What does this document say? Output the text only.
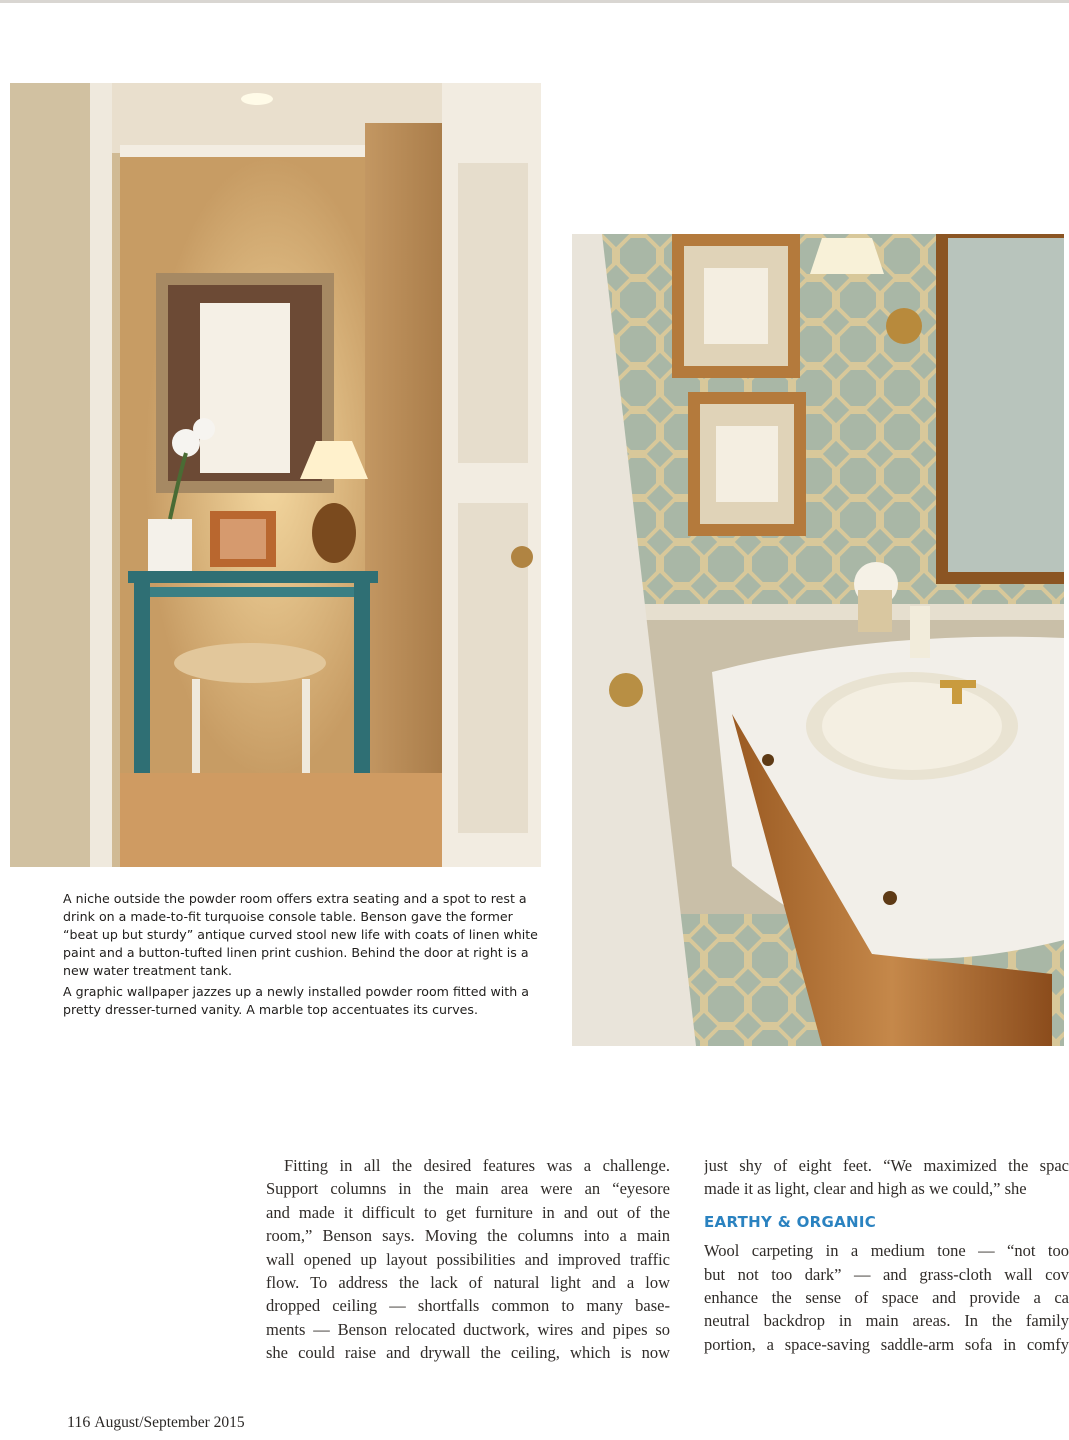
A niche outside the powder room offers extra seating and a spot to rest a drink on a made-to-fit turquoise console table. Benson gave the former “beat up but sturdy” antique curved stool new life with coats of linen white paint and a button-tufted linen print cushion. Behind the door at right is a new water treatment tank.

A graphic wallpaper jazzes up a newly installed powder room fitted with a pretty dresser-turned vanity. A marble top accentuates its curves.

Fitting in all the desired features was a challenge.
Support columns in the main area were an “eyesore
and made it difficult to get furniture in and out of the
room,” Benson says. Moving the columns into a main
wall opened up layout possibilities and improved traffic
flow. To address the lack of natural light and a low
dropped ceiling — shortfalls common to many base-
ments — Benson relocated ductwork, wires and pipes so
she could raise and drywall the ceiling, which is now
just shy of eight feet. “We maximized the spac
made it as light, clear and high as we could,” she
EARTHY & ORGANIC
Wool carpeting in a medium tone — “not too
but not too dark” — and grass-cloth wall cov
enhance the sense of space and provide a ca
neutral backdrop in main areas. In the family
portion, a space-saving saddle-arm sofa in comfy
116 August/September 2015
